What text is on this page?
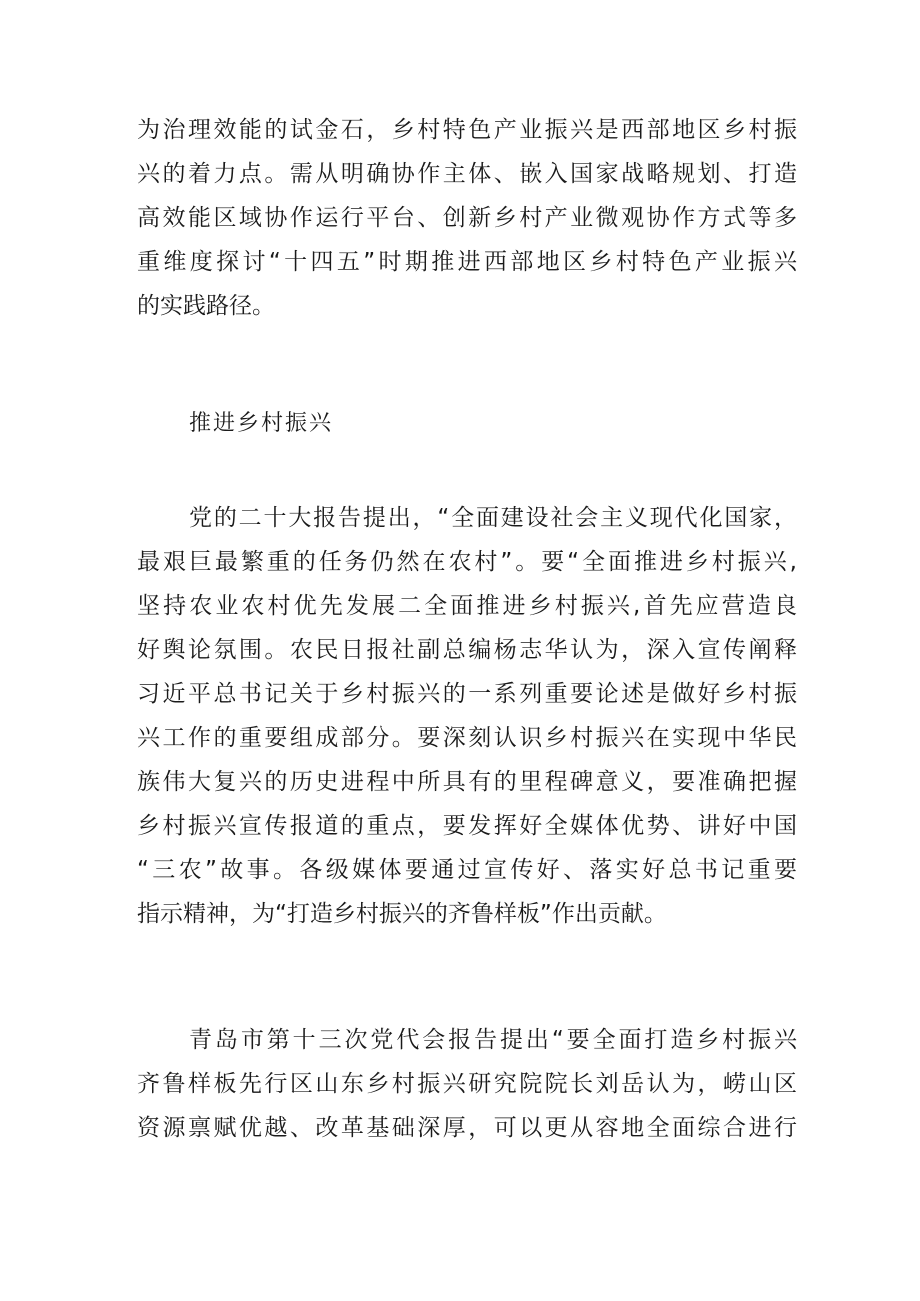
为治理效能的试金石，乡村特色产业振兴是西部地区乡村振
兴的着力点。需从明确协作主体、嵌入国家战略规划、打造
高效能区域协作运行平台、创新乡村产业微观协作方式等多
重维度探讨“十四五”时期推进西部地区乡村特色产业振兴
的实践路径。
推进乡村振兴
党的二十大报告提出，“全面建设社会主义现代化国家，
最艰巨最繁重的任务仍然在农村”。要“全面推进乡村振兴,
坚持农业农村优先发展二全面推进乡村振兴,首先应营造良
好舆论氛围。农民日报社副总编杨志华认为，深入宣传阐释
习近平总书记关于乡村振兴的一系列重要论述是做好乡村振
兴工作的重要组成部分。要深刻认识乡村振兴在实现中华民
族伟大复兴的历史进程中所具有的里程碑意义，要准确把握
乡村振兴宣传报道的重点，要发挥好全媒体优势、讲好中国
“三农”故事。各级媒体要通过宣传好、落实好总书记重要
指示精神，为“打造乡村振兴的齐鲁样板”作出贡献。
青岛市第十三次党代会报告提出“要全面打造乡村振兴
齐鲁样板先行区山东乡村振兴研究院院长刘岳认为，崂山区
资源禀赋优越、改革基础深厚，可以更从容地全面综合进行
